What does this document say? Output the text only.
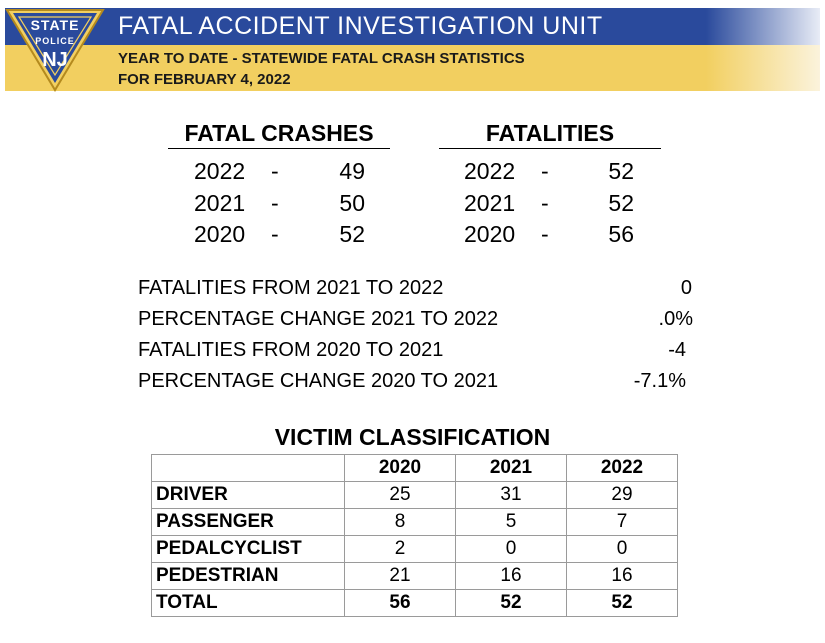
STATE
POLICE
NJ
FATAL ACCIDENT INVESTIGATION UNIT
YEAR TO DATE - STATEWIDE FATAL CRASH STATISTICS
FOR FEBRUARY 4, 2022
FATAL CRASHES
2022 -	49
2021 -	50
2020 -	52
FATALITIES
2022 -	52
2021 -	52
2020 -	56
FATALITIES FROM 2021 TO 2022	0
PERCENTAGE CHANGE 2021 TO 2022	.0%
FATALITIES FROM 2020 TO 2021	-4
PERCENTAGE CHANGE 2020 TO 2021	-7.1%
VICTIM CLASSIFICATION
	2020	2021	2022
DRIVER	25	31	29
PASSENGER	8	5	7
PEDALCYCLIST	2	0	0
PEDESTRIAN	21	16	16
TOTAL	56	52	52
